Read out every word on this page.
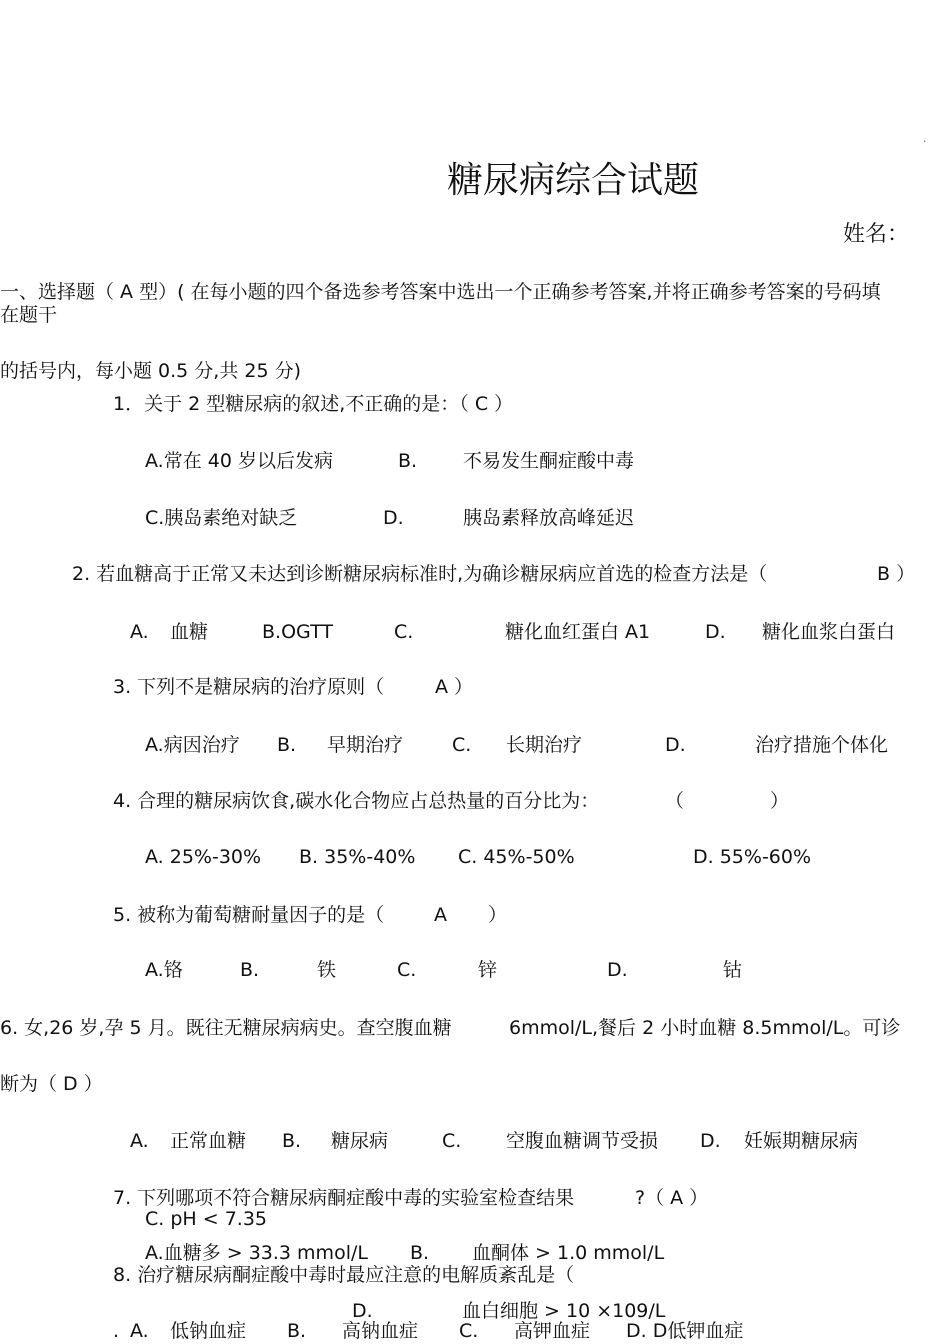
.
糖尿病综合试题
姓名：
一、选择题（ A 型）( 在每小题的四个备选参考答案中选出一个正确参考答案,并将正确参考答案的号码填
在题干
的括号内，每小题 0.5 分,共 25 分)
1．关于 2 型糖尿病的叙述,不正确的是：（ C ）
A.常在 40 岁以后发病	B. 不易发生酮症酸中毒
C.胰岛素绝对缺乏	D.	胰岛素释放高峰延迟
2. 若血糖高于正常又未达到诊断糖尿病标准时,为确诊糖尿病应首选的检查方法是（	B ）
A. 血糖	B.OGTT	C.	糖化血红蛋白 A1	D. 糖化血浆白蛋白
3. 下列不是糖尿病的治疗原则（	A ）
A.病因治疗 B. 早期治疗	C. 长期治疗	D.	治疗措施个体化
4. 合理的糖尿病饮食,碳水化合物应占总热量的百分比为：	（	）
A. 25%-30% B. 35%-40% C. 45%-50%	D. 55%-60%
5. 被称为葡萄糖耐量因子的是（	A ）
A.铬	B.	铁	C.	锌	D.	钴
6. 女,26 岁,孕 5 月。既往无糖尿病病史。查空腹血糖	6mmol/L,餐后 2 小时血糖 8.5mmol/L。可诊
断为（ D ）
A. 正常血糖 B. 糖尿病	C. 空腹血糖调节受损 D. 妊娠期糖尿病
7. 下列哪项不符合糖尿病酮症酸中毒的实验室检查结果	?（ A ）
C. pH < 7.35
A.血糖多 > 33.3 mmol/L B. 血酮体 > 1.0 mmol/L
8. 治疗糖尿病酮症酸中毒时最应注意的电解质紊乱是（
D.	血白细胞 > 10 ×109/L
. A. 低钠血症 B. 高钠血症 C. 高钾血症 D. D低钾血症
